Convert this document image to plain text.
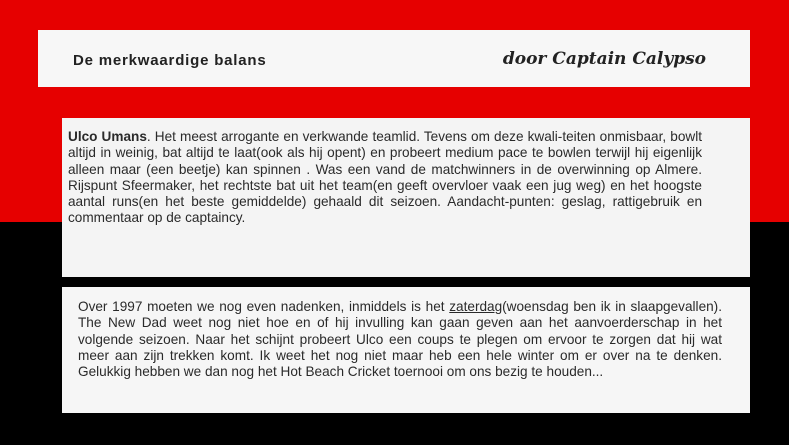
De merkwaardige balans	door Captain Calypso

Ulco Umans. Het meest arrogante en verkwande teamlid. Tevens om deze kwali-teiten onmisbaar, bowlt altijd in weinig, bat altijd te laat(ook als hij opent) en probeert medium pace te bowlen terwijl hij eigenlijk alleen maar (een beetje) kan spinnen . Was een vand de matchwinners in de overwinning op Almere. Rijspunt Sfeermaker, het rechtste bat uit het team(en geeft overvloer vaak een jug weg) en het hoogste aantal runs(en het beste gemiddelde) gehaald dit seizoen. Aandacht-punten: geslag, rattigebruik en commentaar op de captaincy.

Over 1997 moeten we nog even nadenken, inmiddels is het zaterdag(woensdag ben ik in slaapgevallen). The New Dad weet nog niet hoe en of hij invulling kan gaan geven aan het aanvoerderschap in het volgende seizoen. Naar het schijnt probeert Ulco een coups te plegen om ervoor te zorgen dat hij wat meer aan zijn trekken komt. Ik weet het nog niet maar heb een hele winter om er over na te denken. Gelukkig hebben we dan nog het Hot Beach Cricket toernooi om ons bezig te houden...
